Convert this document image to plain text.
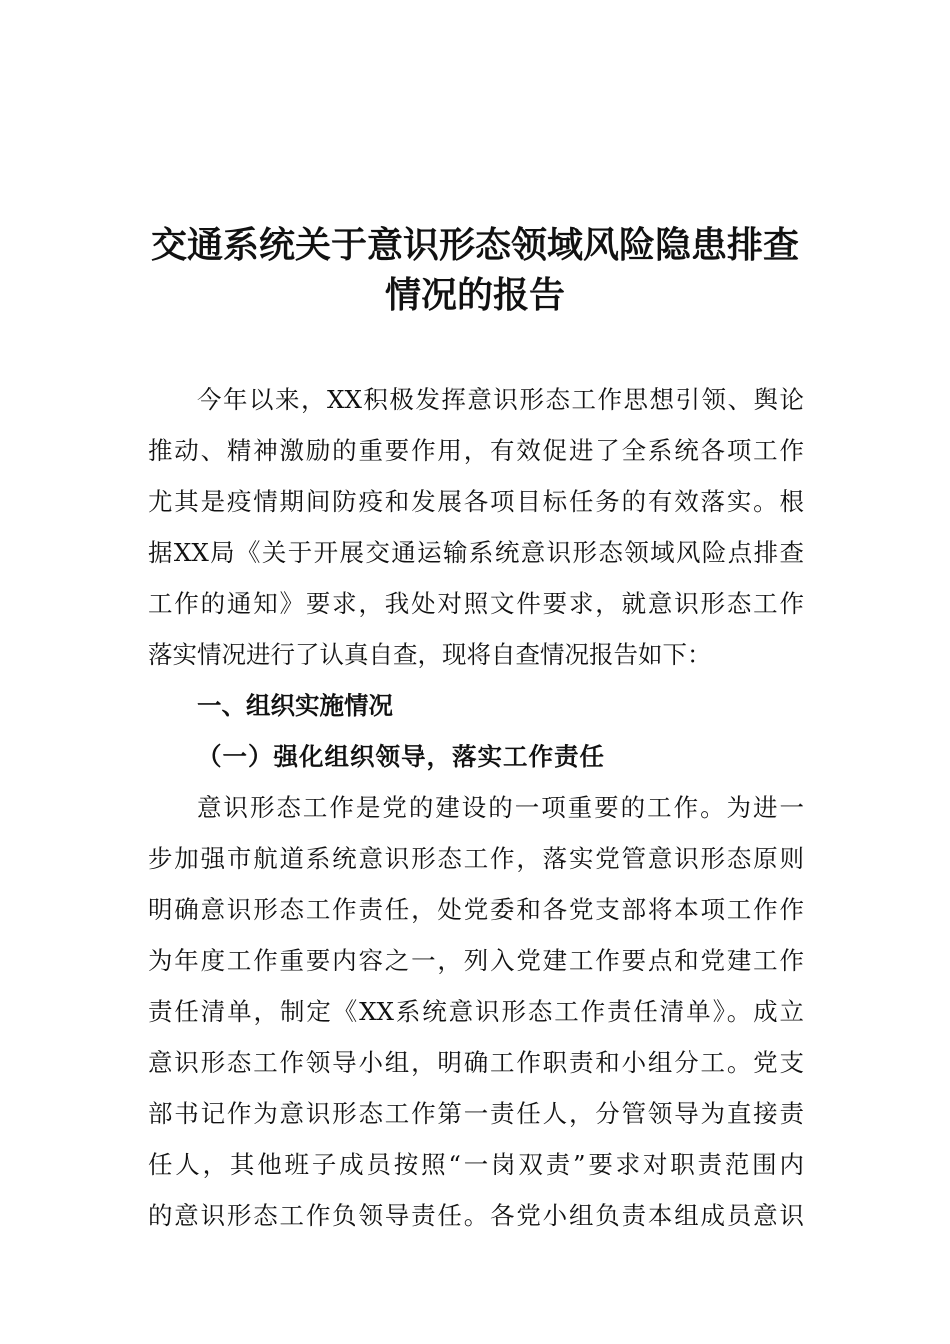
交通系统关于意识形态领域风险隐患排查
情况的报告
今年以来，XX积极发挥意识形态工作思想引领、舆论
推动、精神激励的重要作用，有效促进了全系统各项工作
尤其是疫情期间防疫和发展各项目标任务的有效落实。根
据XX局《关于开展交通运输系统意识形态领域风险点排查
工作的通知》要求，我处对照文件要求，就意识形态工作
落实情况进行了认真自查，现将自查情况报告如下：
一、组织实施情况
（一）强化组织领导，落实工作责任
意识形态工作是党的建设的一项重要的工作。为进一
步加强市航道系统意识形态工作，落实党管意识形态原则
明确意识形态工作责任，处党委和各党支部将本项工作作
为年度工作重要内容之一，列入党建工作要点和党建工作
责任清单，制定《XX系统意识形态工作责任清单》。成立
意识形态工作领导小组，明确工作职责和小组分工。党支
部书记作为意识形态工作第一责任人，分管领导为直接责
任人，其他班子成员按照“一岗双责”要求对职责范围内
的意识形态工作负领导责任。各党小组负责本组成员意识
